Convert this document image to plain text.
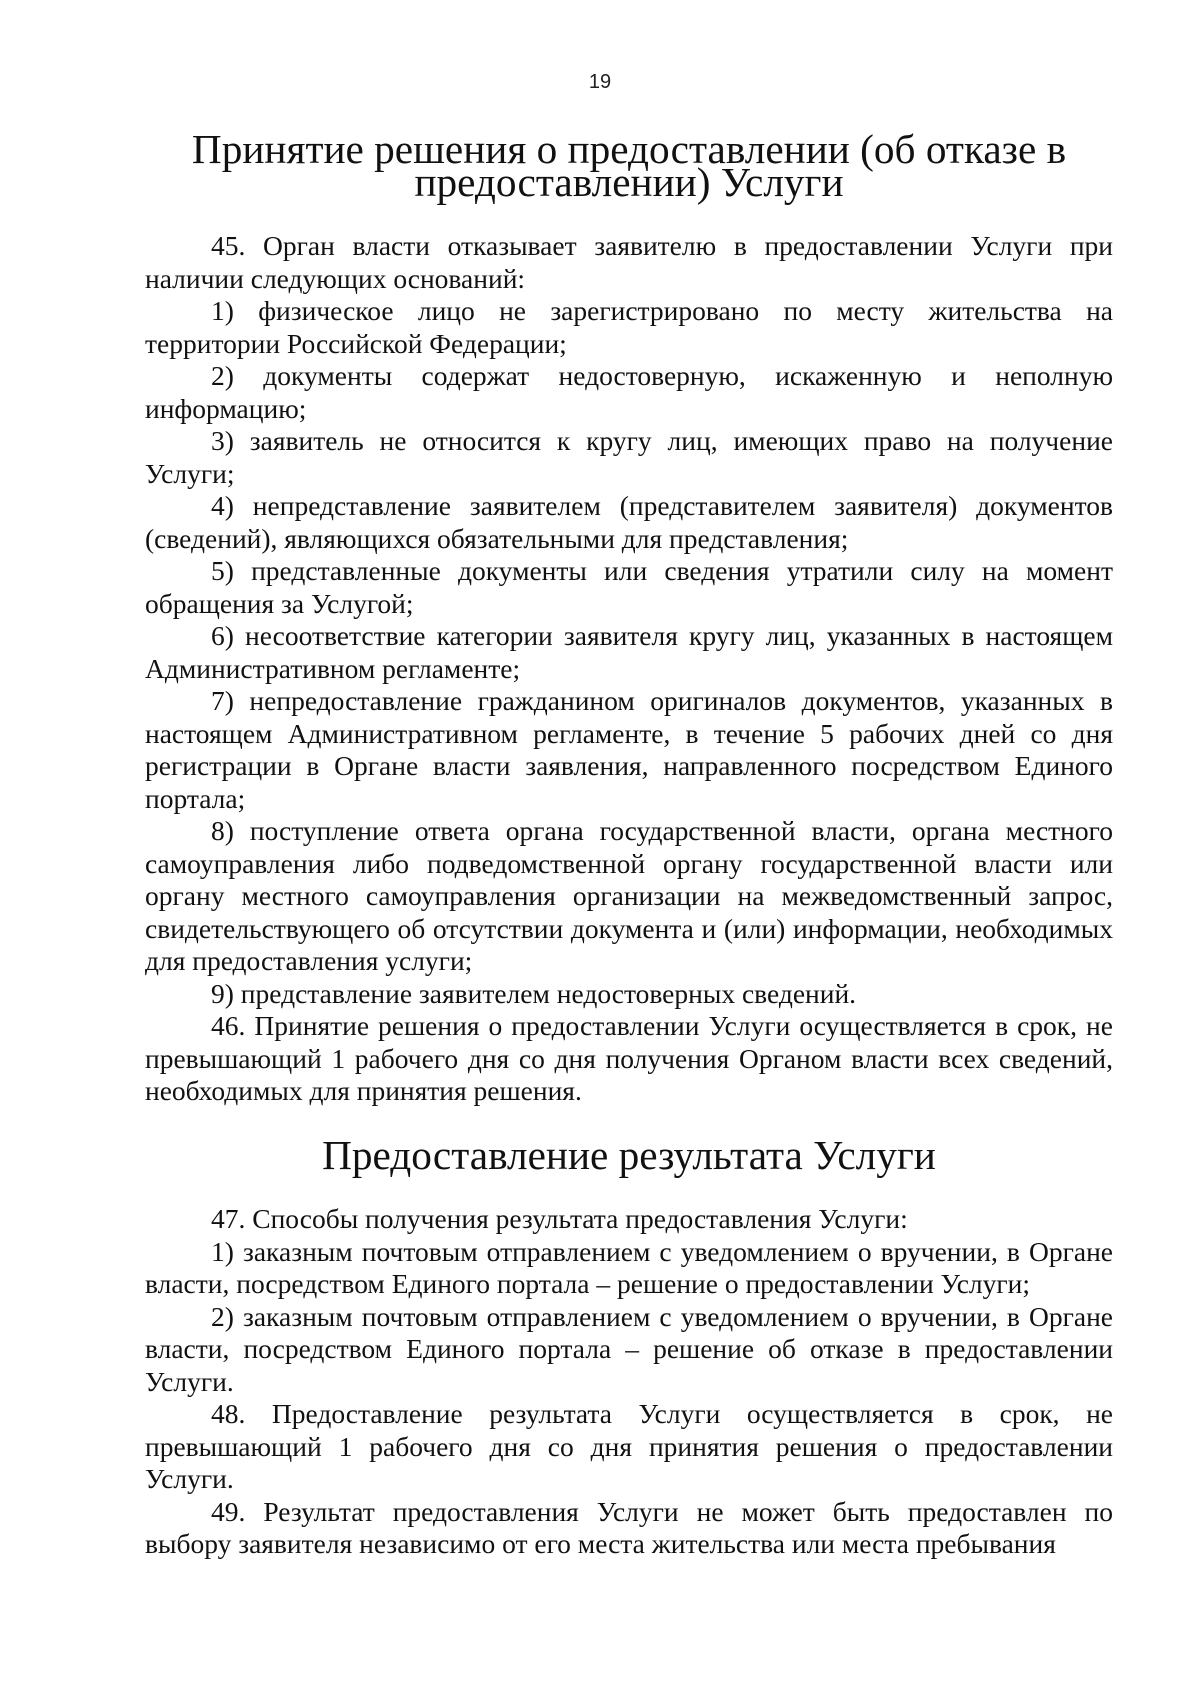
19
Принятие решения о предоставлении (об отказе в предоставлении) Услуги

45. Орган власти отказывает заявителю в предоставлении Услуги при наличии следующих оснований:

1) физическое лицо не зарегистрировано по месту жительства на территории Российской Федерации;

2) документы содержат недостоверную, искаженную и неполную информацию;

3) заявитель не относится к кругу лиц, имеющих право на получение Услуги;

4) непредставление заявителем (представителем заявителя) документов (сведений), являющихся обязательными для представления;

5) представленные документы или сведения утратили силу на момент обращения за Услугой;

6) несоответствие категории заявителя кругу лиц, указанных в настоящем Административном регламенте;

7) непредоставление гражданином оригиналов документов, указанных в настоящем Административном регламенте, в течение 5 рабочих дней со дня регистрации в Органе власти заявления, направленного посредством Единого портала;

8) поступление ответа органа государственной власти, органа местного самоуправления либо подведомственной органу государственной власти или органу местного самоуправления организации на межведомственный запрос, свидетельствующего об отсутствии документа и (или) информации, необходимых для предоставления услуги;

9) представление заявителем недостоверных сведений.

46. Принятие решения о предоставлении Услуги осуществляется в срок, не превышающий 1 рабочего дня со дня получения Органом власти всех сведений, необходимых для принятия решения.

Предоставление результата Услуги

47. Способы получения результата предоставления Услуги:

1) заказным почтовым отправлением с уведомлением о вручении, в Органе власти, посредством Единого портала – решение о предоставлении Услуги;

2) заказным почтовым отправлением с уведомлением о вручении, в Органе власти, посредством Единого портала – решение об отказе в предоставлении Услуги.

48. Предоставление результата Услуги осуществляется в срок, не превышающий 1 рабочего дня со дня принятия решения о предоставлении Услуги.

49. Результат предоставления Услуги не может быть предоставлен по выбору заявителя независимо от его места жительства или места пребывания
